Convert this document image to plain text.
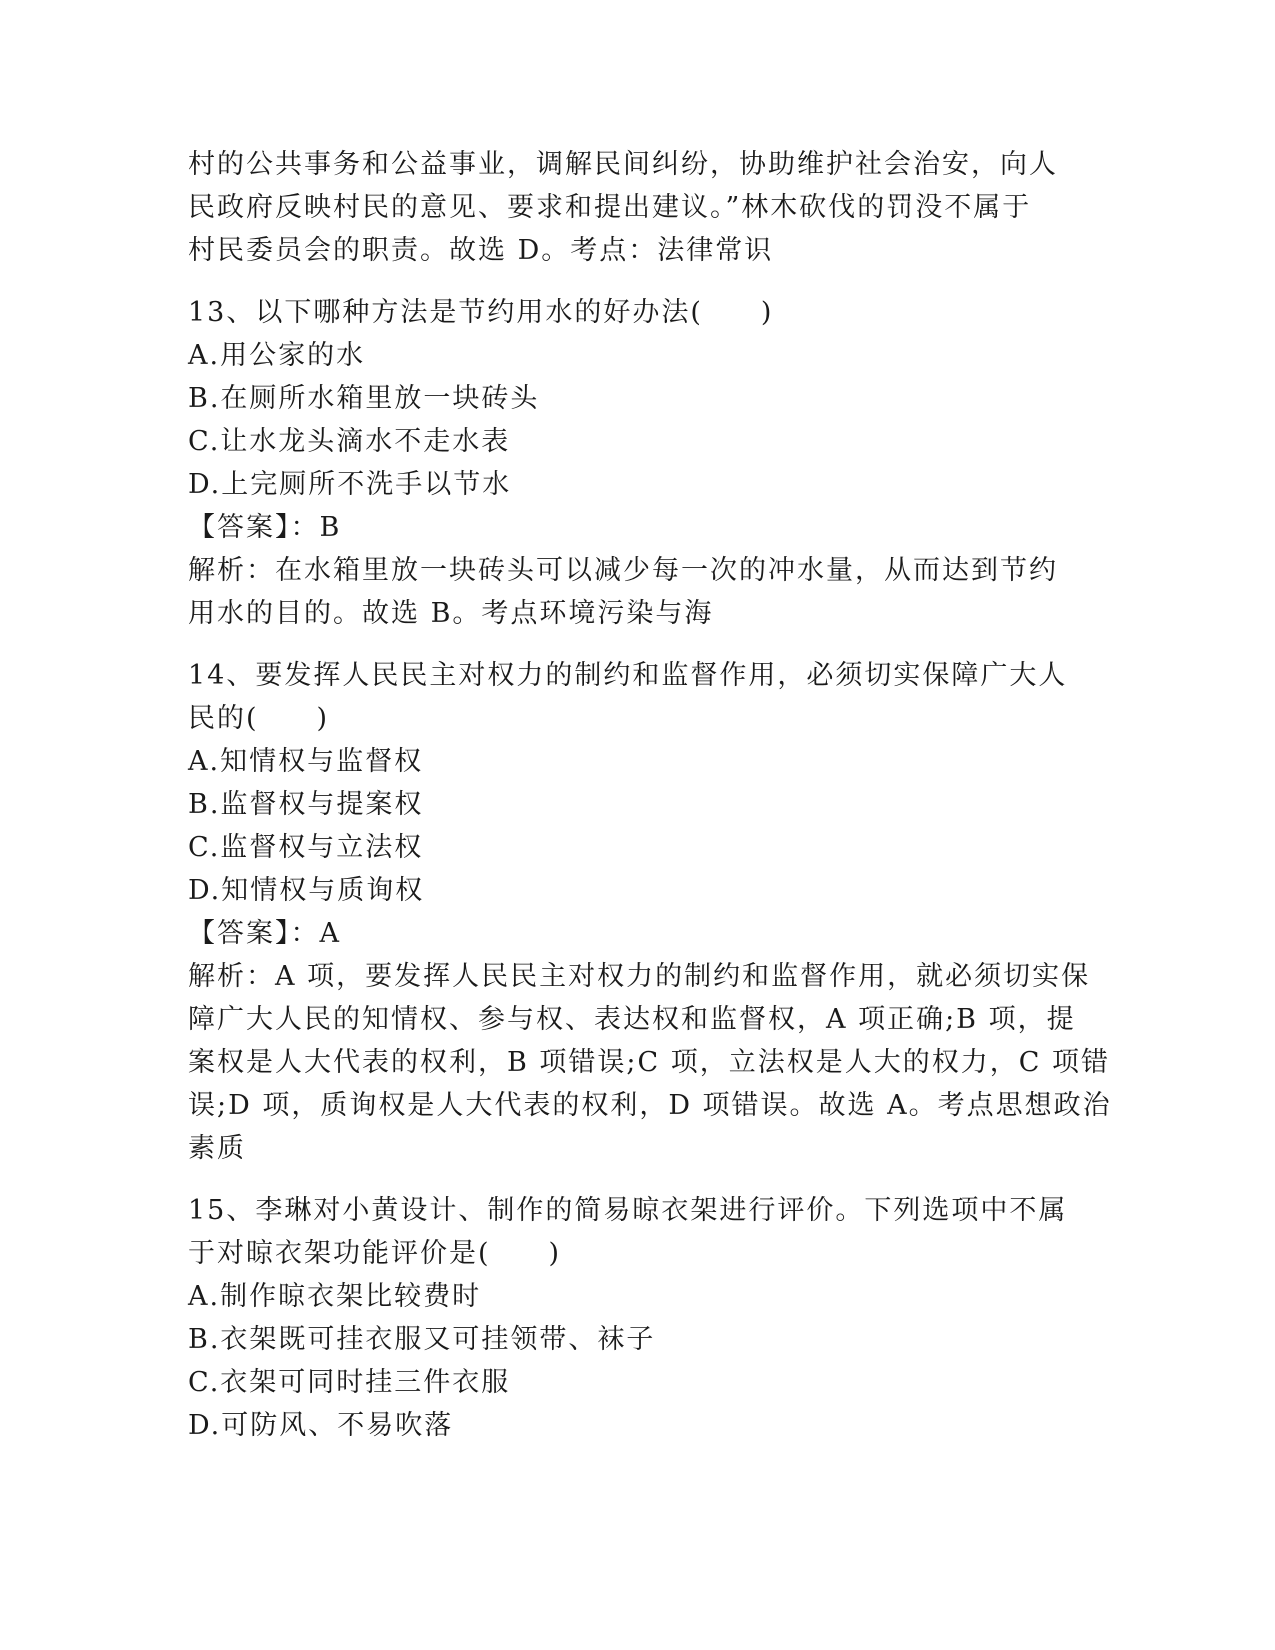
村的公共事务和公益事业，调解民间纠纷，协助维护社会治安，向人
民政府反映村民的意见、要求和提出建议。”林木砍伐的罚没不属于
村民委员会的职责。故选 D。考点：法律常识
13、以下哪种方法是节约用水的好办法(　　)
A.用公家的水
B.在厕所水箱里放一块砖头
C.让水龙头滴水不走水表
D.上完厕所不洗手以节水
【答案】：B
解析：在水箱里放一块砖头可以减少每一次的冲水量，从而达到节约
用水的目的。故选 B。考点环境污染与海
14、要发挥人民民主对权力的制约和监督作用，必须切实保障广大人
民的(　　)
A.知情权与监督权
B.监督权与提案权
C.监督权与立法权
D.知情权与质询权
【答案】：A
解析：A 项，要发挥人民民主对权力的制约和监督作用，就必须切实保
障广大人民的知情权、参与权、表达权和监督权，A 项正确;B 项，提
案权是人大代表的权利，B 项错误;C 项，立法权是人大的权力，C 项错
误;D 项，质询权是人大代表的权利，D 项错误。故选 A。考点思想政治
素质
15、李琳对小黄设计、制作的简易晾衣架进行评价。下列选项中不属
于对晾衣架功能评价是(　　)
A.制作晾衣架比较费时
B.衣架既可挂衣服又可挂领带、袜子
C.衣架可同时挂三件衣服
D.可防风、不易吹落
